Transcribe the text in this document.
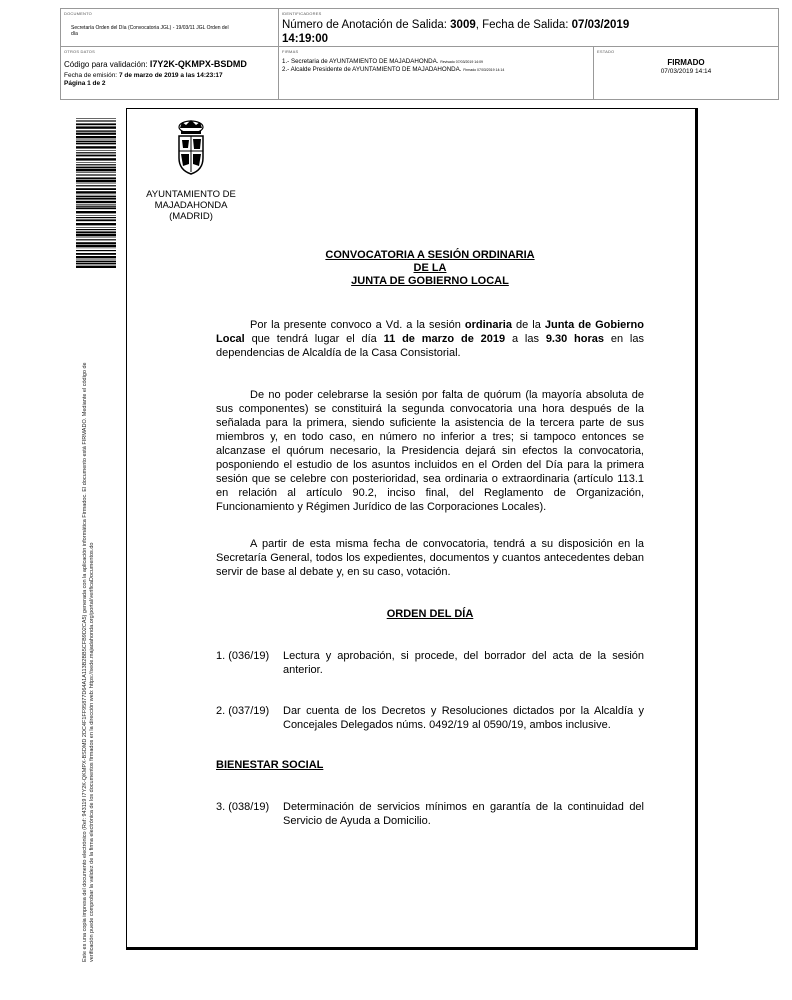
DOCUMENTO
Secretaría Orden del Día (Convocatoria JGL) - 19/03/11 JGL Orden del día
IDENTIFICADORES
Número de Anotación de Salida: 3009, Fecha de Salida: 07/03/2019
14:19:00
OTROS DATOS
Código para validación: I7Y2K-QKMPX-BSDMD
Fecha de emisión: 7 de marzo de 2019 a las 14:23:17
Página 1 de 2
FIRMAS
1.- Secretaria de AYUNTAMIENTO DE MAJADAHONDA. Revisado 07/03/2019 14:09
2.- Alcalde Presidente de AYUNTAMIENTO DE MAJADAHONDA. Firmado 07/03/2019 14:14
ESTADO
FIRMADO
07/03/2019 14:14
Este es una copia impresa del documento electrónico (Ref: 943119 I7Y2K-QKMPX-BSDMD 2DC4F1FF95877D64A1A113B2BB5CFB9D2CA5) generada con la aplicación informática Firmadoc. El documento está FIRMADO. Mediante el código de verificación puede comprobar la validez de la firma electrónica de los documentos firmados en la dirección web: https://sede.majadahonda.org/portal/verificaDocumentos.do
AYUNTAMIENTO DE
MAJADAHONDA
(MADRID)
CONVOCATORIA A SESIÓN ORDINARIA
DE LA
JUNTA DE GOBIERNO LOCAL
Por la presente convoco a Vd. a la sesión ordinaria de la Junta de Gobierno Local que tendrá lugar el día 11 de marzo de 2019 a las 9.30 horas en las dependencias de Alcaldía de la Casa Consistorial.
De no poder celebrarse la sesión por falta de quórum (la mayoría absoluta de sus componentes) se constituirá la segunda convocatoria una hora después de la señalada para la primera, siendo suficiente la asistencia de la tercera parte de sus miembros y, en todo caso, en número no inferior a tres; si tampoco entonces se alcanzase el quórum necesario, la Presidencia dejará sin efectos la convocatoria, posponiendo el estudio de los asuntos incluidos en el Orden del Día para la primera sesión que se celebre con posterioridad, sea ordinaria o extraordinaria (artículo 113.1 en relación al artículo 90.2, inciso final, del Reglamento de Organización, Funcionamiento y Régimen Jurídico de las Corporaciones Locales).
A partir de esta misma fecha de convocatoria, tendrá a su disposición en la Secretaría General, todos los expedientes, documentos y cuantos antecedentes deban servir de base al debate y, en su caso, votación.
ORDEN DEL DÍA
1. (036/19) Lectura y aprobación, si procede, del borrador del acta de la sesión anterior.
2. (037/19) Dar cuenta de los Decretos y Resoluciones dictados por la Alcaldía y Concejales Delegados núms. 0492/19 al 0590/19, ambos inclusive.
BIENESTAR SOCIAL
3. (038/19) Determinación de servicios mínimos en garantía de la continuidad del Servicio de Ayuda a Domicilio.
